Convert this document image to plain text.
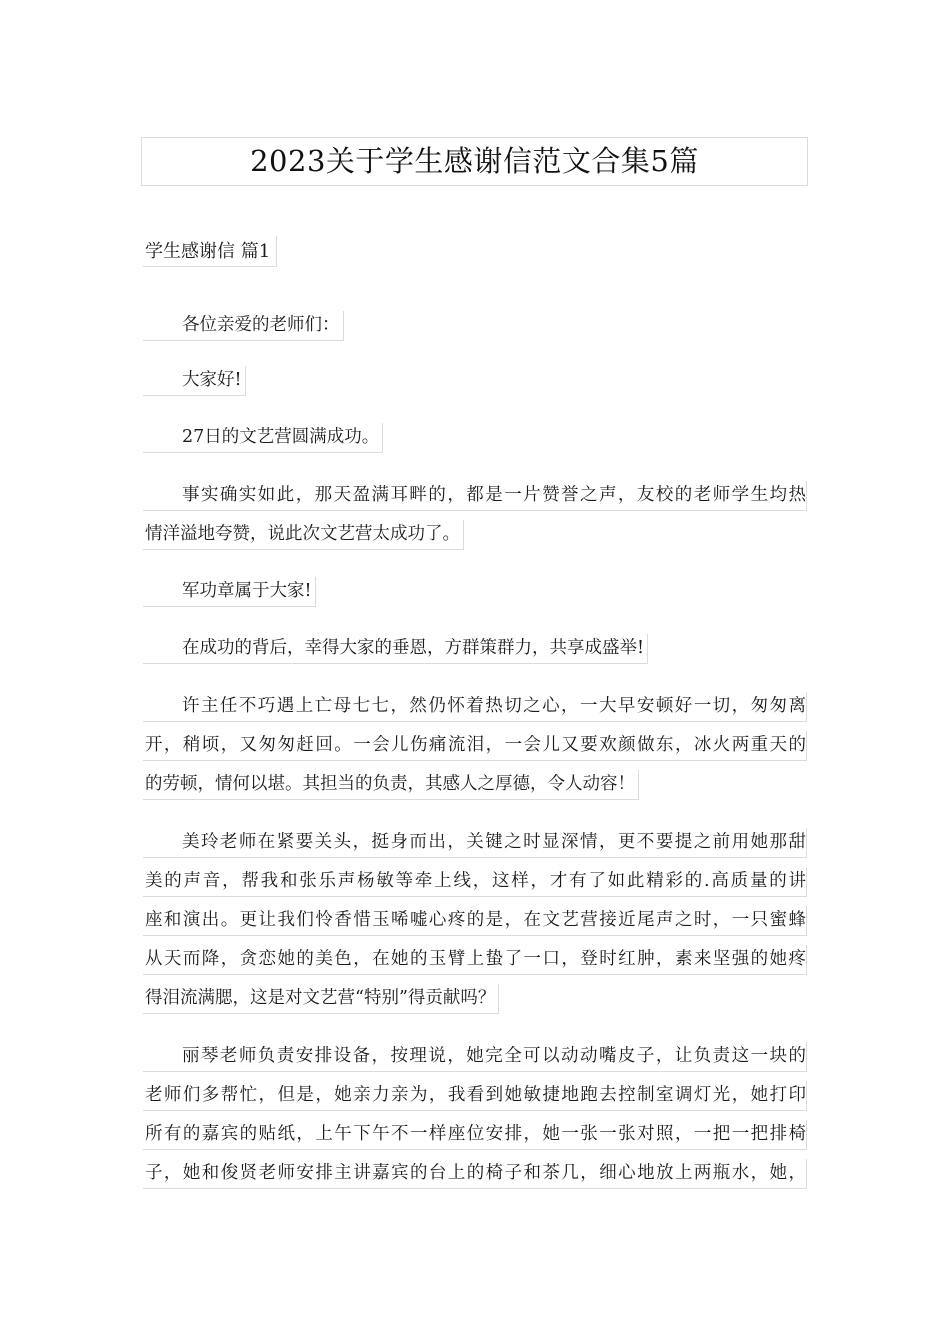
2023关于学生感谢信范文合集5篇
学生感谢信 篇1
各位亲爱的老师们：
大家好!
27日的文艺营圆满成功。
事实确实如此，那天盈满耳畔的，都是一片赞誉之声，友校的老师学生均热
情洋溢地夸赞，说此次文艺营太成功了。
军功章属于大家!
在成功的背后，幸得大家的垂恩，方群策群力，共享成盛举!
许主任不巧遇上亡母七七，然仍怀着热切之心，一大早安顿好一切，匆匆离
开，稍顷，又匆匆赶回。一会儿伤痛流泪，一会儿又要欢颜做东，冰火两重天的
的劳顿，情何以堪。其担当的负责，其感人之厚德，令人动容！
美玲老师在紧要关头，挺身而出，关键之时显深情，更不要提之前用她那甜
美的声音，帮我和张乐声杨敏等牵上线，这样，才有了如此精彩的.高质量的讲
座和演出。更让我们怜香惜玉唏嘘心疼的是，在文艺营接近尾声之时，一只蜜蜂
从天而降，贪恋她的美色，在她的玉臂上蛰了一口，登时红肿，素来坚强的她疼
得泪流满腮，这是对文艺营“特别”得贡献吗？
丽琴老师负责安排设备，按理说，她完全可以动动嘴皮子，让负责这一块的
老师们多帮忙，但是，她亲力亲为，我看到她敏捷地跑去控制室调灯光，她打印
所有的嘉宾的贴纸，上午下午不一样座位安排，她一张一张对照，一把一把排椅
子，她和俊贤老师安排主讲嘉宾的台上的椅子和茶几，细心地放上两瓶水，她，
